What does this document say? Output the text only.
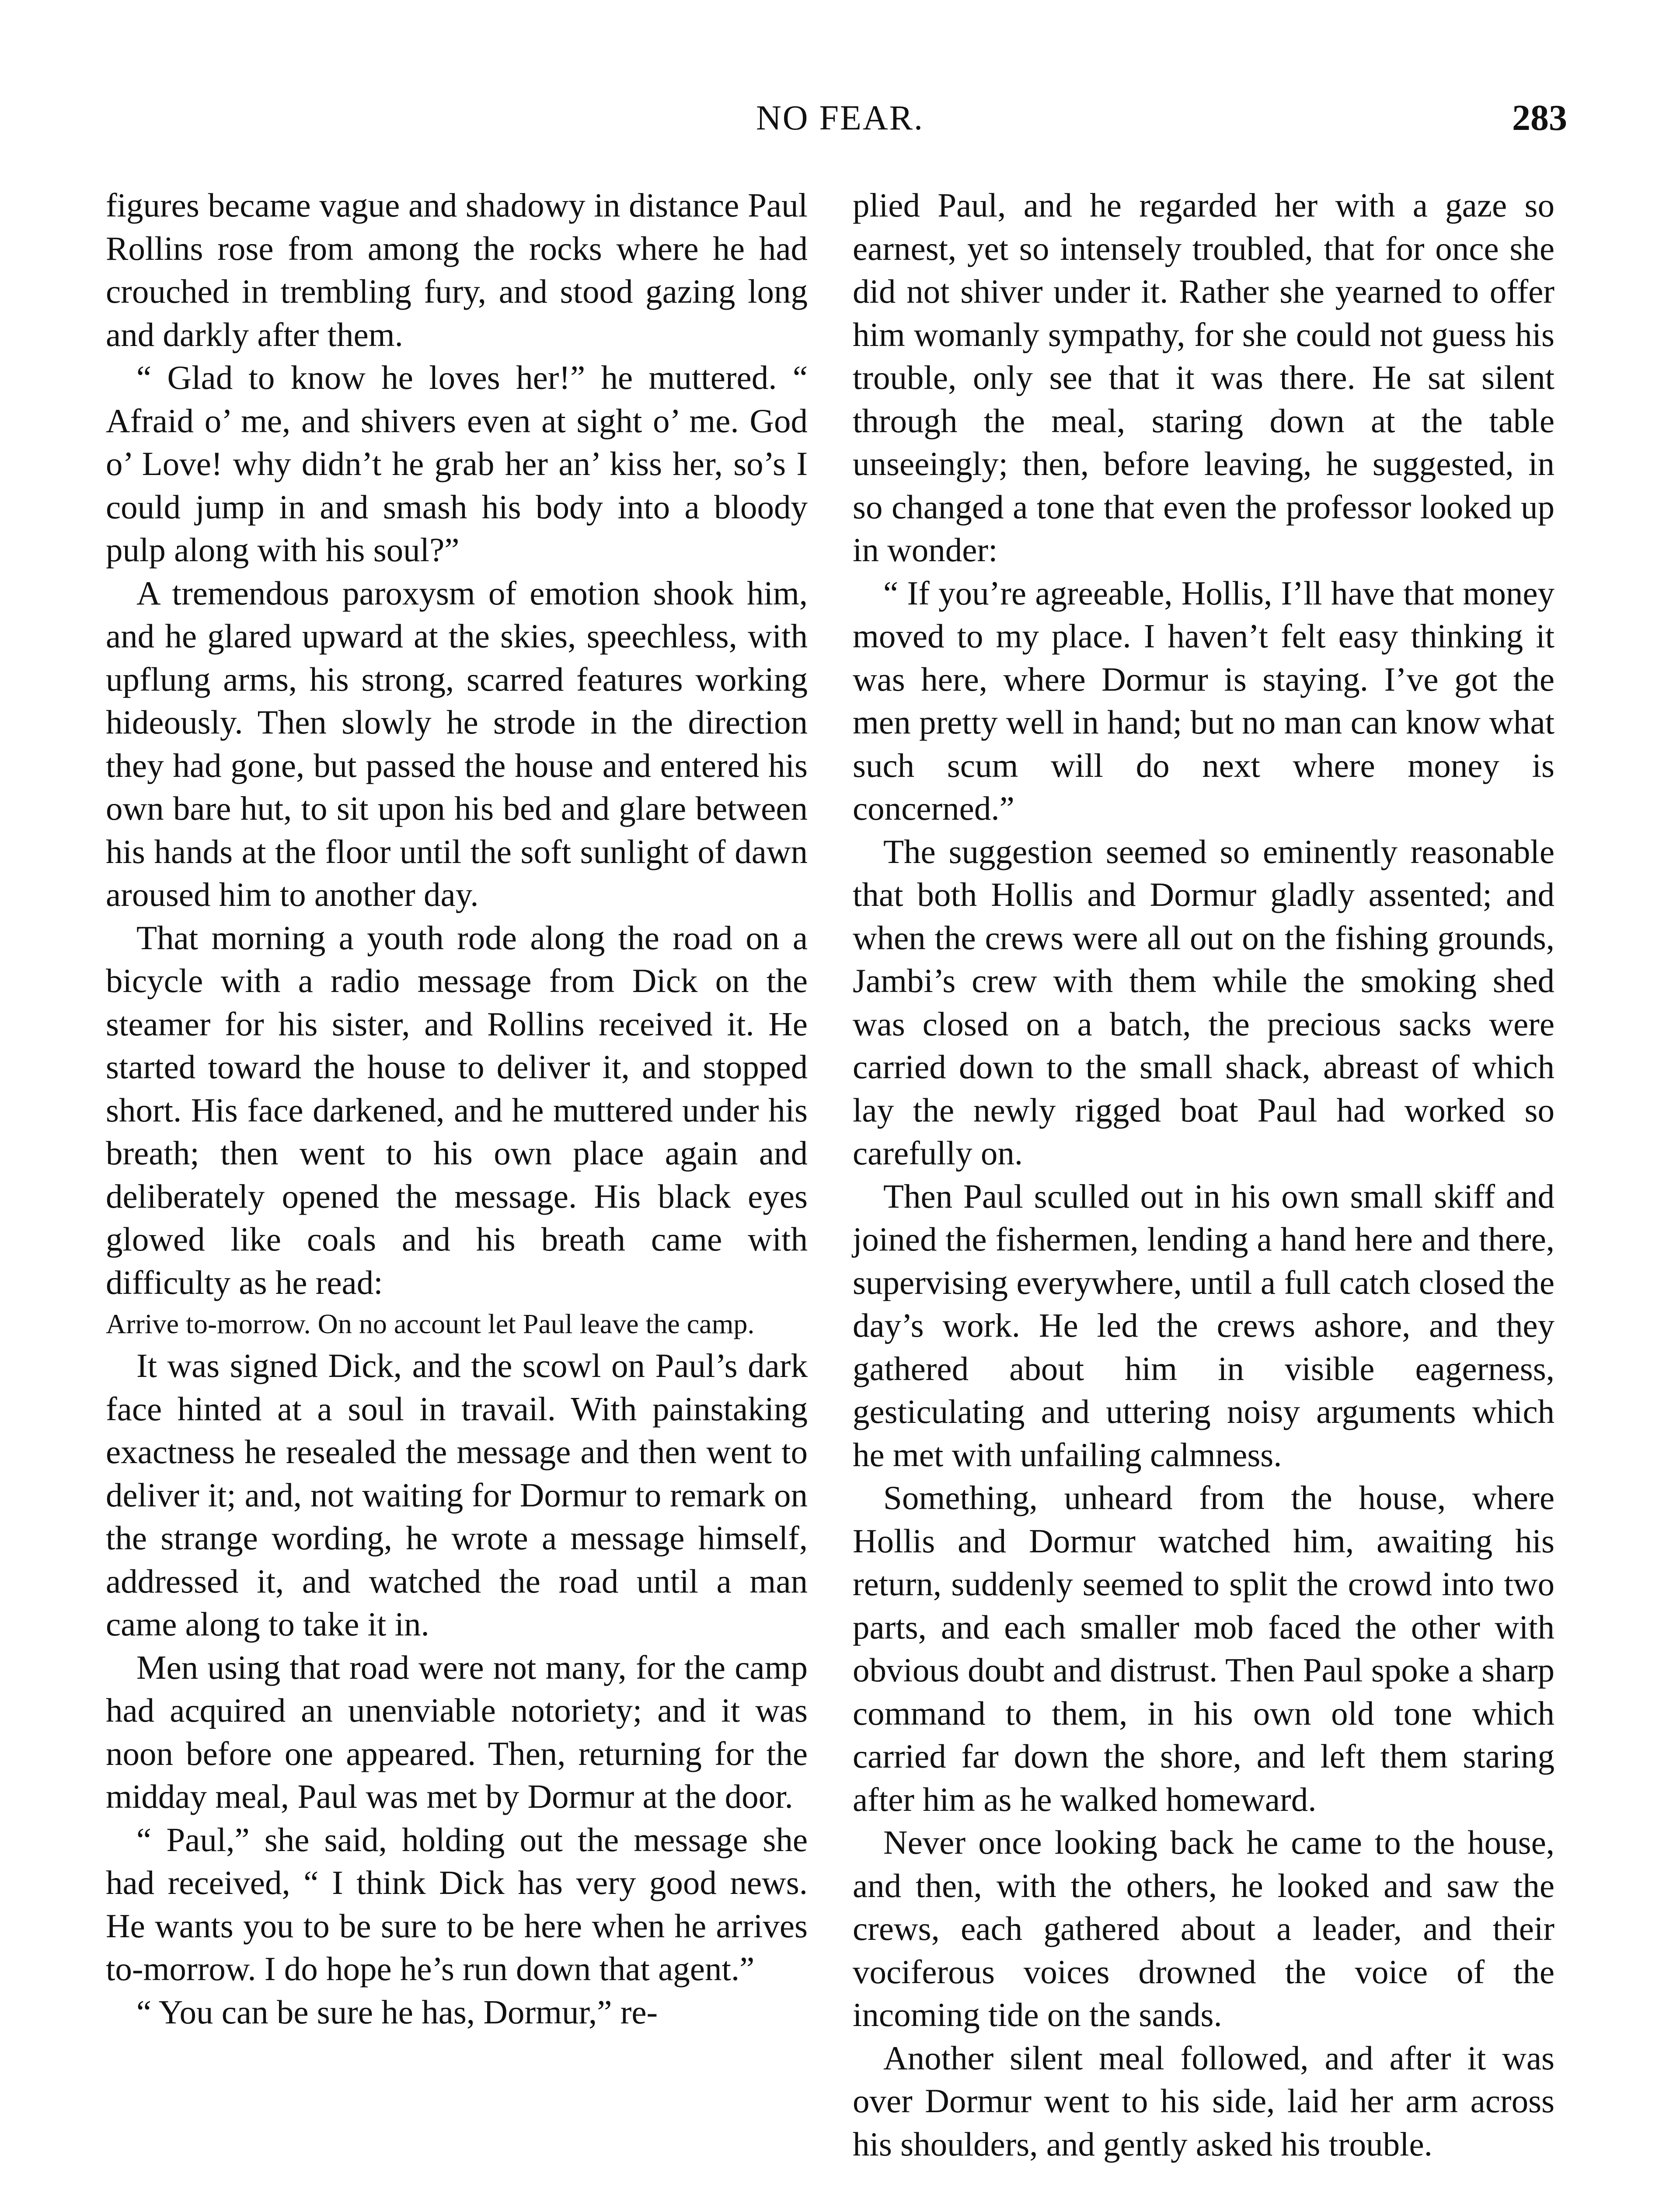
NO FEAR.	283

figures became vague and shadowy in distance Paul Rollins rose from among the rocks where he had crouched in trembling fury, and stood gazing long and darkly after them.

“ Glad to know he loves her!” he muttered. “ Afraid o’ me, and shivers even at sight o’ me. God o’ Love! why didn’t he grab her an’ kiss her, so’s I could jump in and smash his body into a bloody pulp along with his soul?”

A tremendous paroxysm of emotion shook him, and he glared upward at the skies, speechless, with upflung arms, his strong, scarred features working hideously. Then slowly he strode in the direction they had gone, but passed the house and entered his own bare hut, to sit upon his bed and glare between his hands at the floor until the soft sunlight of dawn aroused him to another day.

That morning a youth rode along the road on a bicycle with a radio message from Dick on the steamer for his sister, and Rollins received it. He started toward the house to deliver it, and stopped short. His face darkened, and he muttered under his breath; then went to his own place again and deliberately opened the message. His black eyes glowed like coals and his breath came with difficulty as he read:

Arrive to-morrow. On no account let Paul leave the camp.

It was signed Dick, and the scowl on Paul’s dark face hinted at a soul in travail. With painstaking exactness he resealed the message and then went to deliver it; and, not waiting for Dormur to remark on the strange wording, he wrote a message himself, addressed it, and watched the road until a man came along to take it in.

Men using that road were not many, for the camp had acquired an unenviable notoriety; and it was noon before one appeared. Then, returning for the midday meal, Paul was met by Dormur at the door.

“ Paul,” she said, holding out the message she had received, “ I think Dick has very good news. He wants you to be sure to be here when he arrives to-morrow. I do hope he’s run down that agent.”

“ You can be sure he has, Dormur,” re-

plied Paul, and he regarded her with a gaze so earnest, yet so intensely troubled, that for once she did not shiver under it. Rather she yearned to offer him womanly sympathy, for she could not guess his trouble, only see that it was there. He sat silent through the meal, staring down at the table unseeingly; then, before leaving, he suggested, in so changed a tone that even the professor looked up in wonder:

“ If you’re agreeable, Hollis, I’ll have that money moved to my place. I haven’t felt easy thinking it was here, where Dormur is staying. I’ve got the men pretty well in hand; but no man can know what such scum will do next where money is concerned.”

The suggestion seemed so eminently reasonable that both Hollis and Dormur gladly assented; and when the crews were all out on the fishing grounds, Jambi’s crew with them while the smoking shed was closed on a batch, the precious sacks were carried down to the small shack, abreast of which lay the newly rigged boat Paul had worked so carefully on.

Then Paul sculled out in his own small skiff and joined the fishermen, lending a hand here and there, supervising everywhere, until a full catch closed the day’s work. He led the crews ashore, and they gathered about him in visible eagerness, gesticulating and uttering noisy arguments which he met with unfailing calmness.

Something, unheard from the house, where Hollis and Dormur watched him, awaiting his return, suddenly seemed to split the crowd into two parts, and each smaller mob faced the other with obvious doubt and distrust. Then Paul spoke a sharp command to them, in his own old tone which carried far down the shore, and left them staring after him as he walked homeward.

Never once looking back he came to the house, and then, with the others, he looked and saw the crews, each gathered about a leader, and their vociferous voices drowned the voice of the incoming tide on the sands.

Another silent meal followed, and after it was over Dormur went to his side, laid her arm across his shoulders, and gently asked his trouble.
